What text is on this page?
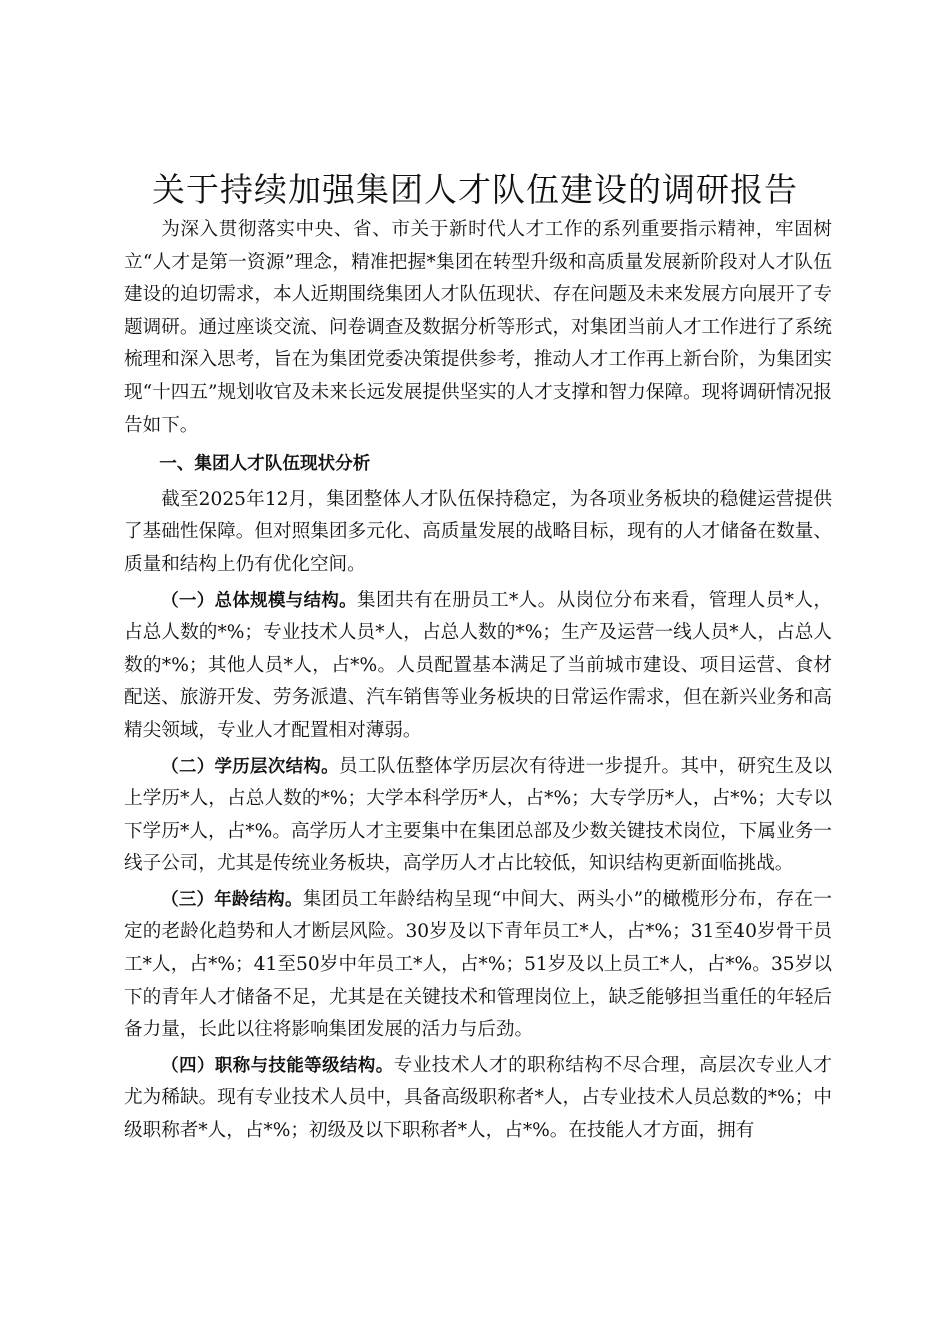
关于持续加强集团人才队伍建设的调研报告

为深入贯彻落实中央、省、市关于新时代人才工作的系列重要指示精神，牢固树立“人才是第一资源”理念，精准把握*集团在转型升级和高质量发展新阶段对人才队伍建设的迫切需求，本人近期围绕集团人才队伍现状、存在问题及未来发展方向展开了专题调研。通过座谈交流、问卷调查及数据分析等形式，对集团当前人才工作进行了系统梳理和深入思考，旨在为集团党委决策提供参考，推动人才工作再上新台阶，为集团实现“十四五”规划收官及未来长远发展提供坚实的人才支撑和智力保障。现将调研情况报告如下。

一、集团人才队伍现状分析

截至2025年12月，集团整体人才队伍保持稳定，为各项业务板块的稳健运营提供了基础性保障。但对照集团多元化、高质量发展的战略目标，现有的人才储备在数量、质量和结构上仍有优化空间。

（一）总体规模与结构。集团共有在册员工*人。从岗位分布来看，管理人员*人，占总人数的*%；专业技术人员*人，占总人数的*%；生产及运营一线人员*人，占总人数的*%；其他人员*人，占*%。人员配置基本满足了当前城市建设、项目运营、食材配送、旅游开发、劳务派遣、汽车销售等业务板块的日常运作需求，但在新兴业务和高精尖领域，专业人才配置相对薄弱。

（二）学历层次结构。员工队伍整体学历层次有待进一步提升。其中，研究生及以上学历*人，占总人数的*%；大学本科学历*人，占*%；大专学历*人，占*%；大专以下学历*人，占*%。高学历人才主要集中在集团总部及少数关键技术岗位，下属业务一线子公司，尤其是传统业务板块，高学历人才占比较低，知识结构更新面临挑战。

（三）年龄结构。集团员工年龄结构呈现“中间大、两头小”的橄榄形分布，存在一定的老龄化趋势和人才断层风险。30岁及以下青年员工*人，占*%；31至40岁骨干员工*人，占*%；41至50岁中年员工*人，占*%；51岁及以上员工*人，占*%。35岁以下的青年人才储备不足，尤其是在关键技术和管理岗位上，缺乏能够担当重任的年轻后备力量，长此以往将影响集团发展的活力与后劲。

（四）职称与技能等级结构。专业技术人才的职称结构不尽合理，高层次专业人才尤为稀缺。现有专业技术人员中，具备高级职称者*人，占专业技术人员总数的*%；中级职称者*人，占*%；初级及以下职称者*人，占*%。在技能人才方面，拥有
